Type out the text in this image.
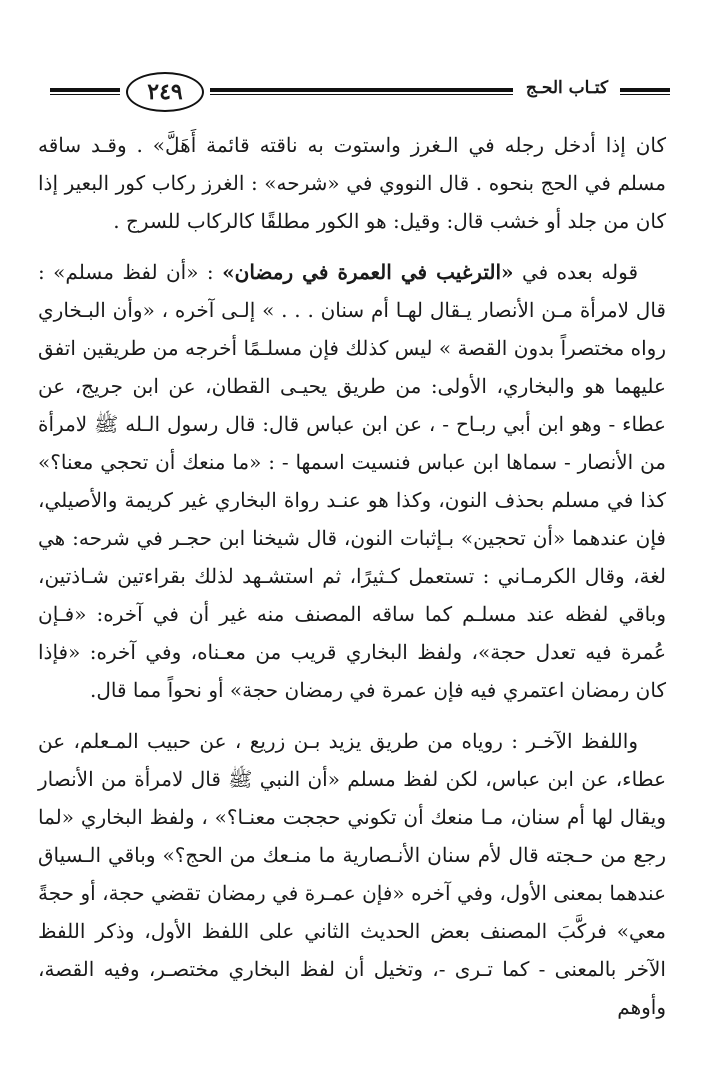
٢٤٩	كتـاب الحـج

كان إذا أدخل رجله في الـغرز واستوت به ناقته قائمة أَهَلَّ» . وقـد ساقه مسلم في الحج بنحوه . قال النووي في «شرحه» : الغرز ركاب كور البعير إذا كان من جلد أو خشب قال: وقيل: هو الكور مطلقًا كالركاب للسرج .

قوله بعده في «الترغيب في العمرة في رمضان» : «أن لفظ مسلم» : قال لامرأة مـن الأنصار يـقال لهـا أم سنان . . . » إلـى آخره ، «وأن البـخاري رواه مختصراً بدون القصة » ليس كذلك فإن مسلـمًا أخرجه من طريقين اتفق عليهما هو والبخاري، الأولى: من طريق يحيـى القطان، عن ابن جريج، عن عطاء - وهو ابن أبي ربـاح - ، عن ابن عباس قال: قال رسول الـله ﷺ لامرأة من الأنصار - سماها ابن عباس فنسيت اسمها - : «ما منعك أن تحجي معنا؟» كذا في مسلم بحذف النون، وكذا هو عنـد رواة البخاري غير كريمة والأصيلي، فإن عندهما «أن تحجين» بـإثبات النون، قال شيخنا ابن حجـر في شرحه: هي لغة، وقال الكرمـاني : تستعمل كـثيرًا، ثم استشـهد لذلك بقراءتين شـاذتين، وباقي لفظه عند مسلـم كما ساقه المصنف منه غير أن في آخره: «فـإن عُمرة فيه تعدل حجة»، ولفظ البخاري قريب من معـناه، وفي آخره: «فإذا كان رمضان اعتمري فيه فإن عمرة في رمضان حجة» أو نحواً مما قال.

واللفظ الآخـر : روياه من طريق يزيد بـن زريع ، عن حبيب المـعلم، عن عطاء، عن ابن عباس، لكن لفظ مسلم «أن النبي ﷺ قال لامرأة من الأنصار ويقال لها أم سنان، مـا منعك أن تكوني حججت معنـا؟» ، ولفظ البخاري «لما رجع من حـجته قال لأم سنان الأنـصارية ما منـعك من الحج؟» وباقي الـسياق عندهما بمعنى الأول، وفي آخره «فإن عمـرة في رمضان تقضي حجة، أو حجةً معي» فركَّبَ المصنف بعض الحديث الثاني على اللفظ الأول، وذكر اللفظ الآخر بالمعنى - كما تـرى -، وتخيل أن لفظ البخاري مختصـر، وفيه القصة، وأوهم
